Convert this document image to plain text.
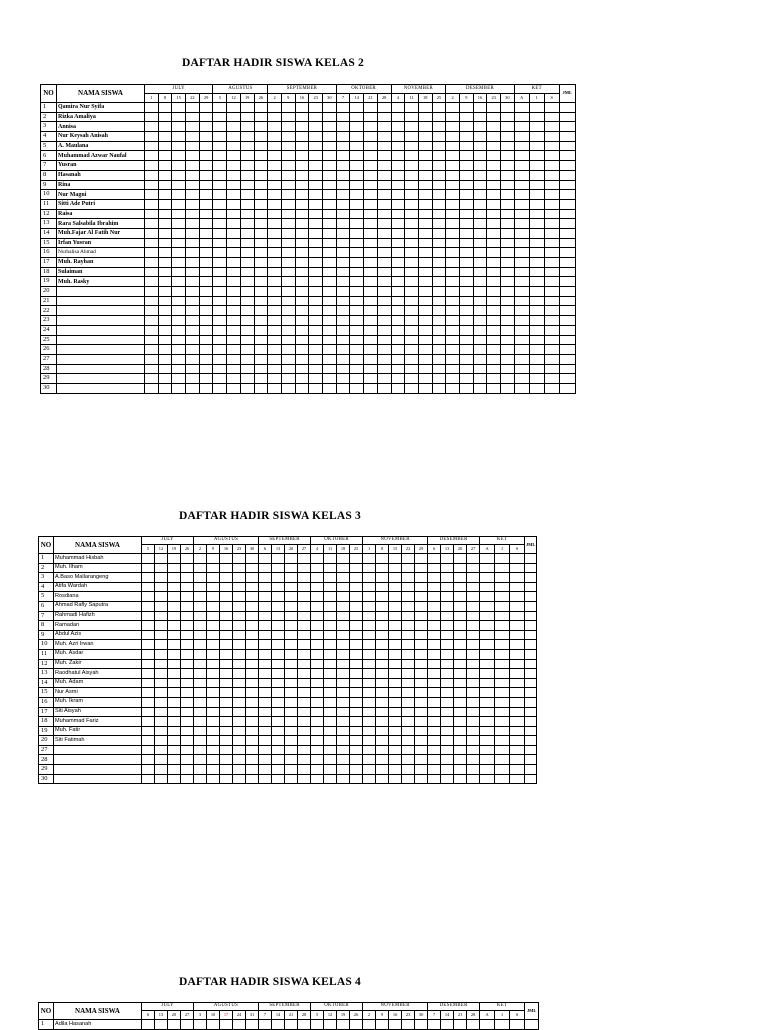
DAFTAR HADIR SISWA KELAS 2
NO	NAMA SISWA	JULY					AGUSTUS				SEPTEMBER					OKTOBER				NOVEMBER				DESEMBER					KET			JML
		1	8	15	22	29	5	12	19	26	2	9	16	23	30	7	14	21	28	4	11	18	25	2	9	16	23	30	A	I	S	
1	Qamira Nur Syifa																															
2	Rizka Amaliya																															
3	Annisa																															
4	Nur Keysah Anisah																															
5	A. Maulana																															
6	Muhammad Azwar Naufal																															
7	Yusran																															
8	Hasanah																															
9	Rina																															
10	Nur Magni																															
11	Sitti Ade Putri																															
12	Raisa																															
13	Rara Salsabila Ibrahim																															
14	Muh.Fajar Al Fatih Nur																															
15	Irfan Yusran																															
16	Nurhalisa Ahmad																															
17	Muh. Rayhan																															
18	Sulaiman																															
19	Muh. Rasky																															
20																																
21																																
22																																
23																																
24																																
25																																
26																																
27																																
28																																
29																																
30																																
DAFTAR HADIR SISWA KELAS 3
NO	NAMA SISWA	JULY				AGUSTUS					SEPTEMBER				OKTOBER				NOVEMBER					DESEMBER				KET			JML
		5	12	19	26	2	9	16	23	30	6	13	20	27	4	11	18	25	1	8	15	22	29	6	13	20	27	A	I	S	
1	Muhammad Hisbah																														
2	Muh. Ilham																														
3	A.Baso Mallarangeng																														
4	Atifa Wardah																														
5	Rosdiana																														
6	Ahmad Rafly Saputra																														
7	Rahmadi Hafizh																														
8	Ramadan																														
9	Abdul Azis																														
10	Muh. Azri Irwan																														
11	Muh. Asdar																														
12	Muh. Zakir																														
13	Raodhatul Aisyah																														
14	Muh. Adam																														
15	Nur Asmi																														
16	Muh. Ikram																														
17	Siti Aisyah																														
18	Muhammad Fariz																														
19	Muh. Fatir																														
20	Siti Fatimah																														
27																															
28																															
29																															
30																															
DAFTAR HADIR SISWA KELAS 4
NO	NAMA SISWA	JULY				AGUSTUS					SEPTEMBER				OKTOBER				NOVEMBER					DESEMBER				KET			JML
		6	13	20	27	3	10	17	24	31	7	14	21	28	5	12	19	26	2	9	16	23	30	7	14	21	28	A	I	S	
1	Adila Hasanah																														
